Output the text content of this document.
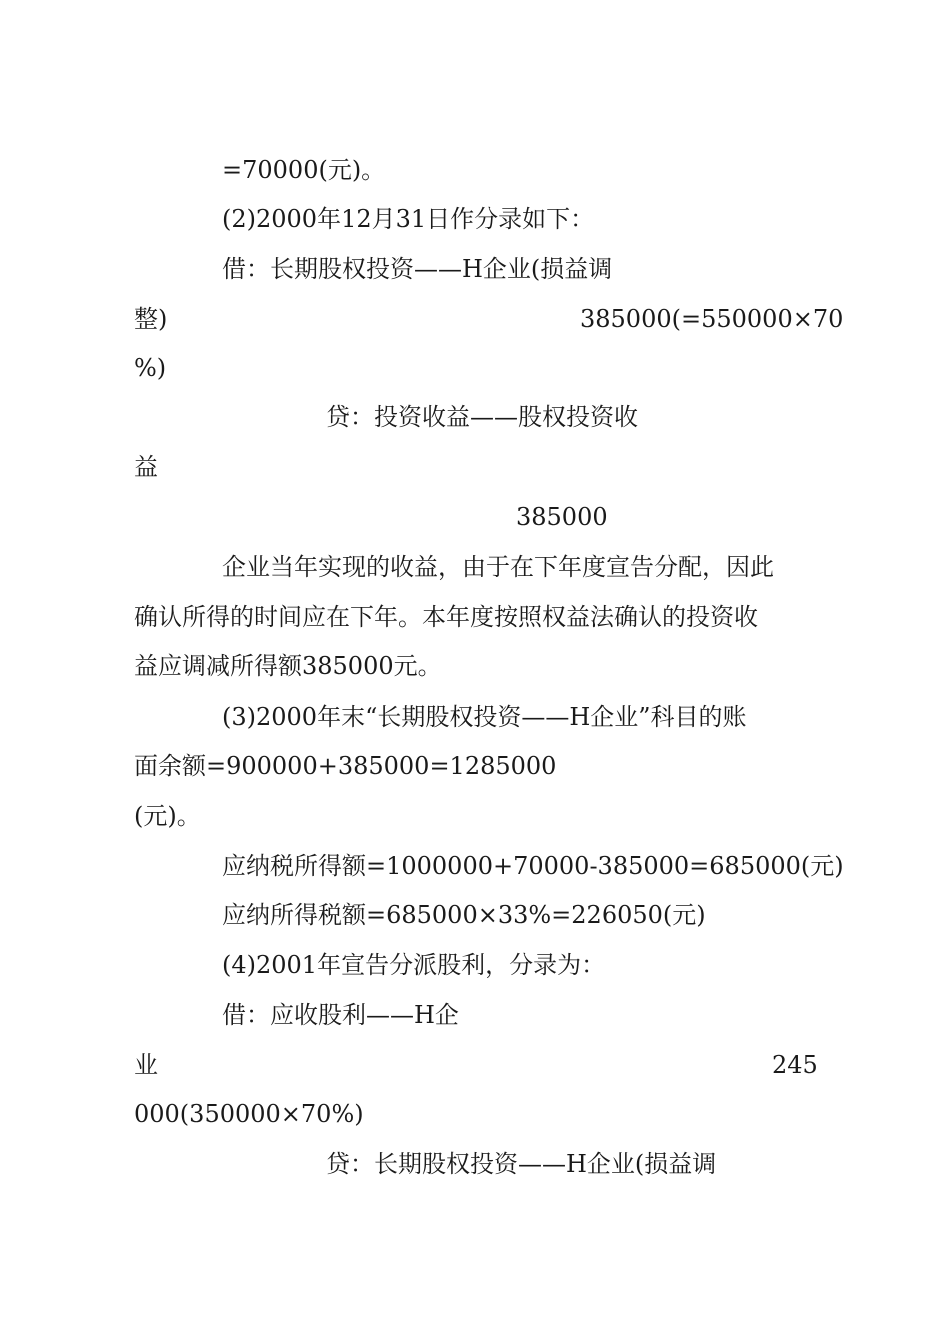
=70000(元)。
(2)2000年12月31日作分录如下：
借：长期股权投资——H企业(损益调
整)	385000(=550000×70
%)
贷：投资收益——股权投资收
益
385000
企业当年实现的收益，由于在下年度宣告分配，因此
确认所得的时间应在下年。本年度按照权益法确认的投资收
益应调减所得额385000元。
(3)2000年末“长期股权投资——H企业”科目的账
面余额=900000+385000=1285000
(元)。
应纳税所得额=1000000+70000-385000=685000(元)
应纳所得税额=685000×33%=226050(元)
(4)2001年宣告分派股利，分录为：
借：应收股利——H企
业	245
000(350000×70%)
贷：长期股权投资——H企业(损益调
